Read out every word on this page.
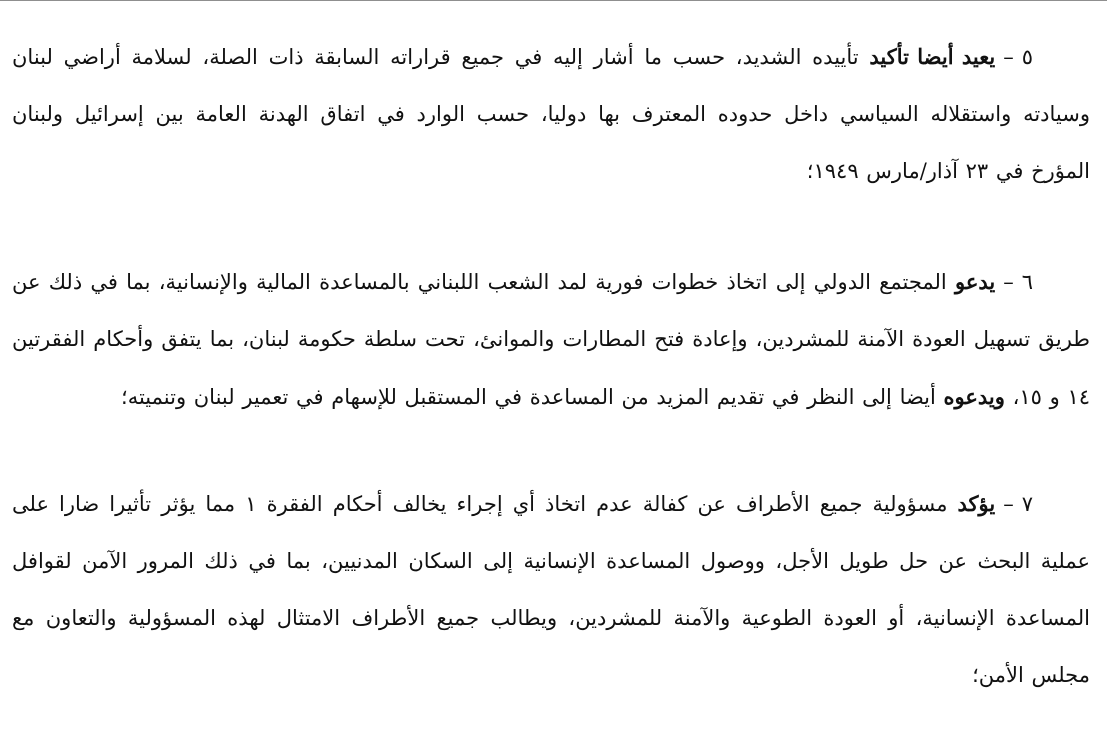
٥–يعيد أيضا تأكيد تأييده الشديد، حسب ما أشار إليه في جميع قراراته السابقة ذات الصلة، لسلامة أراضي لبنان وسيادته واستقلاله السياسي داخل حدوده المعترف بها دوليا، حسب الوارد في اتفاق الهدنة العامة بين إسرائيل ولبنان المؤرخ في ٢٣ آذار/مارس ١٩٤٩؛

٦–يدعو المجتمع الدولي إلى اتخاذ خطوات فورية لمد الشعب اللبناني بالمساعدة المالية والإنسانية، بما في ذلك عن طريق تسهيل العودة الآمنة للمشردين، وإعادة فتح المطارات والموانئ، تحت سلطة حكومة لبنان، بما يتفق وأحكام الفقرتين ١٤ و ١٥، ويدعوه أيضا إلى النظر في تقديم المزيد من المساعدة في المستقبل للإسهام في تعمير لبنان وتنميته؛

٧–يؤكد مسؤولية جميع الأطراف عن كفالة عدم اتخاذ أي إجراء يخالف أحكام الفقرة ١ مما يؤثر تأثيرا ضارا على عملية البحث عن حل طويل الأجل، ووصول المساعدة الإنسانية إلى السكان المدنيين، بما في ذلك المرور الآمن لقوافل المساعدة الإنسانية، أو العودة الطوعية والآمنة للمشردين، ويطالب جميع الأطراف الامتثال لهذه المسؤولية والتعاون مع مجلس الأمن؛
